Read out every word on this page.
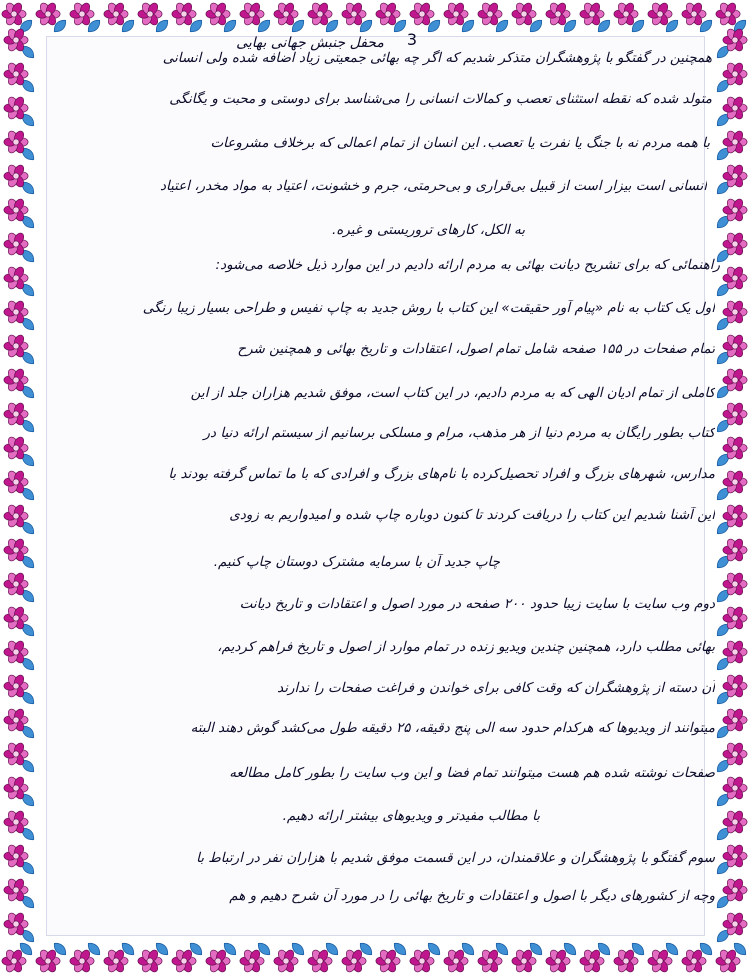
3
محفل جنبش جهانی بهایی
همچنین در گفتگو با پژوهشگران متذکر شدیم که اگر چه بهائی جمعیتی زیاد اضافه شده ولی انسانی
متولد شده که نقطه استثنای تعصب و کمالات انسانی را می‌شناسد برای دوستی و محبت و یگانگی
با همه مردم نه با جنگ یا نفرت یا تعصب. این انسان از تمام اعمالی که برخلاف مشروعات
انسانی است بیزار است از قبیل بی‌قراری و بی‌حرمتی، جرم و خشونت، اعتیاد به مواد مخدر، اعتیاد
به الکل، کارهای تروریستی و غیره.
راهنمائی که برای تشریح دیانت بهائی به مردم ارائه دادیم در این موارد ذیل خلاصه می‌شود:
اول یک کتاب به نام «پیام آور حقیقت» این کتاب با روش جدید به چاپ نفیس و طراحی بسیار زیبا رنگی
تمام صفحات در ۱۵۵ صفحه شامل تمام اصول، اعتقادات و تاریخ بهائی و همچنین شرح
کاملی از تمام ادیان الهی که به مردم دادیم، در این کتاب است، موفق شدیم هزاران جلد از این
کتاب بطور رایگان به مردم دنیا از هر مذهب، مرام و مسلکی برسانیم از سیستم ارائه دنیا در
مدارس، شهرهای بزرگ و افراد تحصیل‌کرده با نام‌های بزرگ و افرادی که با ما تماس گرفته بودند با
این آشنا شدیم این کتاب را دریافت کردند تا کنون دوباره چاپ شده و امیدواریم به زودی
چاپ جدید آن با سرمایه مشترک دوستان چاپ کنیم.
دوم وب سایت با سایت زیبا حدود ۲۰۰ صفحه در مورد اصول و اعتقادات و تاریخ دیانت
بهائی مطلب دارد، همچنین چندین ویدیو زنده در تمام موارد از اصول و تاریخ فراهم کردیم،
آن دسته از پژوهشگران که وقت کافی برای خواندن و فراغت صفحات را ندارند
میتوانند از ویدیوها که هرکدام حدود سه الی پنج دقیقه، ۲۵ دقیقه طول می‌کشد گوش دهند البته
صفحات نوشته شده هم هست میتوانند تمام فضا و این وب سایت را بطور کامل مطالعه
با مطالب مفیدتر و ویدیوهای بیشتر ارائه دهیم.
سوم گفتگو با پژوهشگران و علاقمندان، در این قسمت موفق شدیم با هزاران نفر در ارتباط با
وچه از کشورهای دیگر با اصول و اعتقادات و تاریخ بهائی را در مورد آن شرح دهیم و هم
